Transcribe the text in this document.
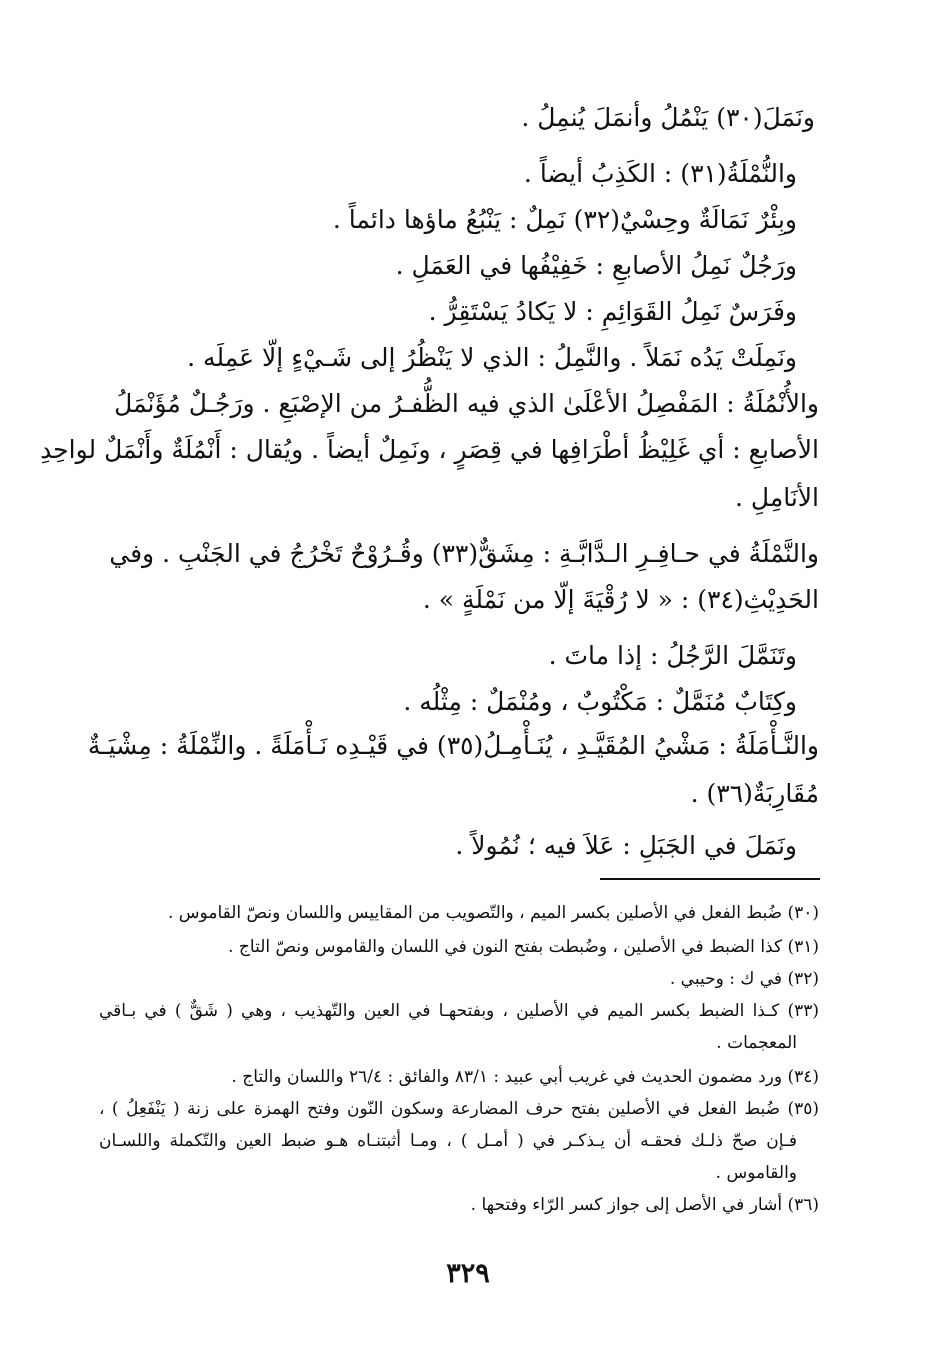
ونَمَلَ(٣٠) يَنْمُلُ وأنمَلَ يُنمِلُ .
والنُّمْلَةُ(٣١) : الكَذِبُ أيضاً .
وبِئْرٌ نَمَالَةٌ وحِسْيٌ(٣٢) نَمِلٌ : يَنْبُعُ ماؤها دائماً .
ورَجُلٌ نَمِلُ الأصابعِ : خَفِيْفُها في العَمَلِ .
وفَرَسٌ نَمِلُ القَوَائِمِ : لا يَكادُ يَسْتَقِرُّ .
ونَمِلَتْ يَدُه نَمَلاً . والنَّمِلُ : الذي لا يَنْظُرُ إلى شَـيْءٍ إلّا عَمِلَه .
والأُنْمُلَةُ : المَفْصِلُ الأعْلَىٰ الذي فيه الظُّفـرُ من الإصْبَعِ . ورَجُـلٌ مُؤَنْمَلُ
الأصابعِ : أي غَلِيْظُ أطْرَافِها في قِصَرٍ ، ونَمِلٌ أيضاً . ويُقال : أَنْمُلَةٌ وأَنْمَلٌ لواحِدِ
الأنَامِلِ .
والنَّمْلَةُ في حـافِـرِ الـدَّابَّـةِ : مِشَقٌّ(٣٣) وقُـرُوْحٌ تَخْرُجُ في الجَنْبِ . وفي
الحَدِيْثِ(٣٤) : « لا رُقْيَةَ إلّا من نَمْلَةٍ » .
وتَنَمَّلَ الرَّجُلُ : إذا ماتَ .
وكِتَابٌ مُنَمَّلٌ : مَكْتُوبٌ ، ومُنْمَلٌ : مِثْلُه .
والنَّـأْمَلَةُ : مَشْيُ المُقَيَّـدِ ، يُنَـأْمِـلُ(٣٥) في قَيْـدِه نَـأْمَلَةً . والنِّمْلَةُ : مِشْيَـةٌ
مُقَارِبَةٌ(٣٦) .
ونَمَلَ في الجَبَلِ : عَلاَ فيه ؛ نُمُولاً .
(٣٠) ضُبط الفعل في الأصلين بكسر الميم ، والتّصويب من المقاييس واللسان ونصّ القاموس .
(٣١) كذا الضبط في الأصلين ، وضُبطت بفتح النون في اللسان والقاموس ونصّ التاج .
(٣٢) في ك : وحيبي .
(٣٣) كـذا الضبط بكسر الميم في الأصلين ، وبفتحهـا في العين والتّهذيب ، وهي ( شَقٌّ ) في بـاقي
المعجمات .
(٣٤) ورد مضمون الحديث في غريب أبي عبيد : ٨٣/١ والفائق : ٢٦/٤ واللسان والتاج .
(٣٥) ضُبط الفعل في الأصلين بفتح حرف المضارعة وسكون النّون وفتح الهمزة على زنة ( يَنْفَعِلُ ) ،
فـإن صحّ ذلـك فحقـه أن يـذكـر في ( أمـل ) ، ومـا أثبتنـاه هـو ضبط العين والتّكملة واللسـان
والقاموس .
(٣٦) أشار في الأصل إلى جواز كسر الرّاء وفتحها .
٣٢٩
